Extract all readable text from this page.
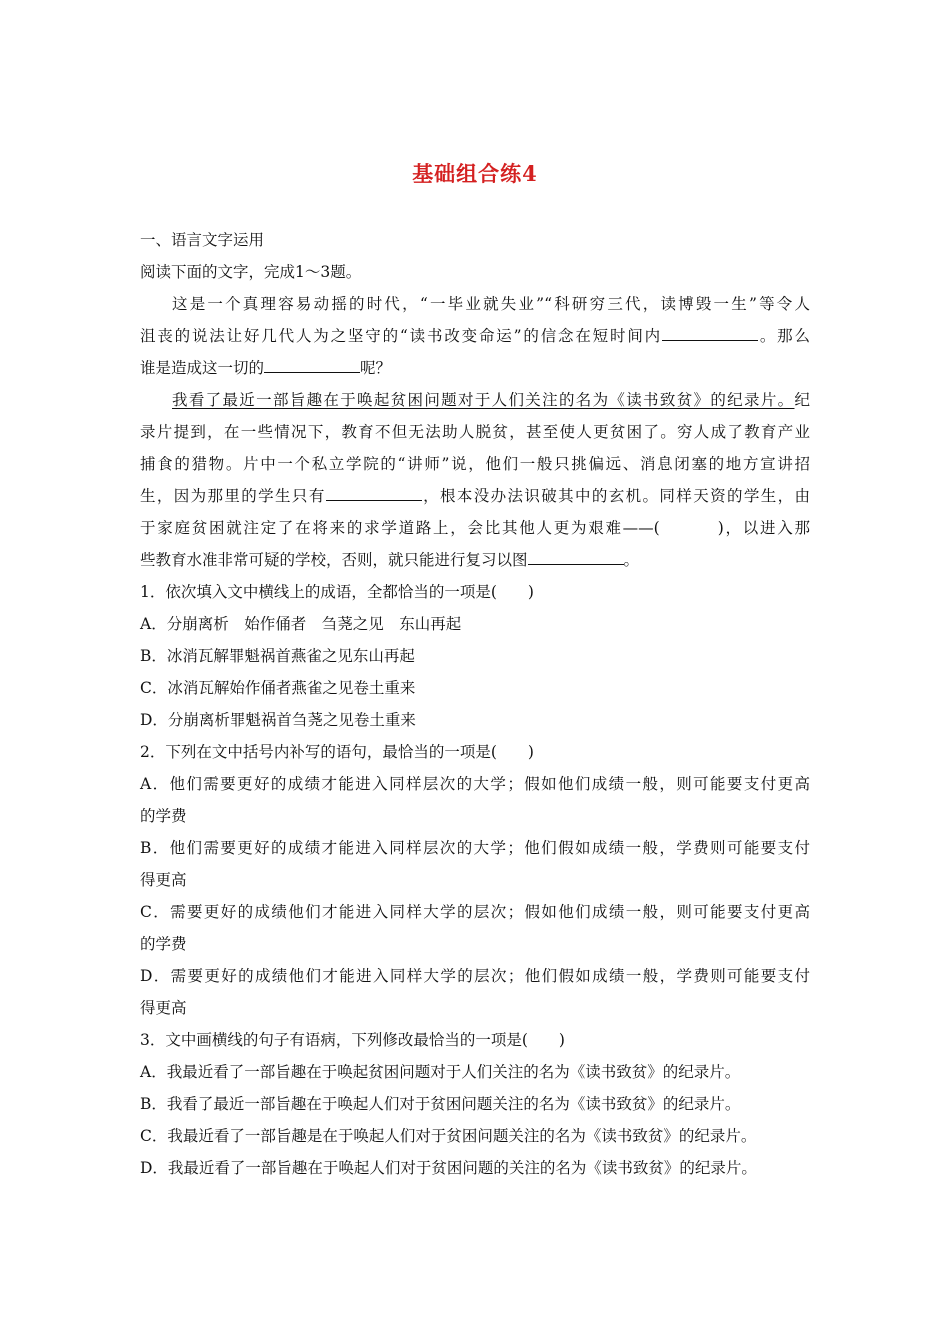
基础组合练4
一、语言文字运用
阅读下面的文字，完成1～3题。
这是一个真理容易动摇的时代，“一毕业就失业”“科研穷三代，读博毁一生”等令人
沮丧的说法让好几代人为之坚守的“读书改变命运”的信念在短时间内	。那么
谁是造成这一切的	呢？
我看了最近一部旨趣在于唤起贫困问题对于人们关注的名为《读书致贫》的纪录片。纪
录片提到，在一些情况下，教育不但无法助人脱贫，甚至使人更贫困了。穷人成了教育产业
捕食的猎物。片中一个私立学院的“讲师”说，他们一般只挑偏远、消息闭塞的地方宣讲招
生，因为那里的学生只有	，根本没办法识破其中的玄机。同样天资的学生，由
于家庭贫困就注定了在将来的求学道路上，会比其他人更为艰难——(	)，以进入那
些教育水准非常可疑的学校，否则，就只能进行复习以图	。
1．依次填入文中横线上的成语，全都恰当的一项是(　　)
A．分崩离析　始作俑者　刍荛之见　东山再起
B．冰消瓦解罪魁祸首燕雀之见东山再起
C．冰消瓦解始作俑者燕雀之见卷土重来
D．分崩离析罪魁祸首刍荛之见卷土重来
2．下列在文中括号内补写的语句，最恰当的一项是(　　)
A．他们需要更好的成绩才能进入同样层次的大学；假如他们成绩一般，则可能要支付更高
的学费
B．他们需要更好的成绩才能进入同样层次的大学；他们假如成绩一般，学费则可能要支付
得更高
C．需要更好的成绩他们才能进入同样大学的层次；假如他们成绩一般，则可能要支付更高
的学费
D．需要更好的成绩他们才能进入同样大学的层次；他们假如成绩一般，学费则可能要支付
得更高
3．文中画横线的句子有语病，下列修改最恰当的一项是(　　)
A．我最近看了一部旨趣在于唤起贫困问题对于人们关注的名为《读书致贫》的纪录片。
B．我看了最近一部旨趣在于唤起人们对于贫困问题关注的名为《读书致贫》的纪录片。
C．我最近看了一部旨趣是在于唤起人们对于贫困问题关注的名为《读书致贫》的纪录片。
D．我最近看了一部旨趣在于唤起人们对于贫困问题的关注的名为《读书致贫》的纪录片。
